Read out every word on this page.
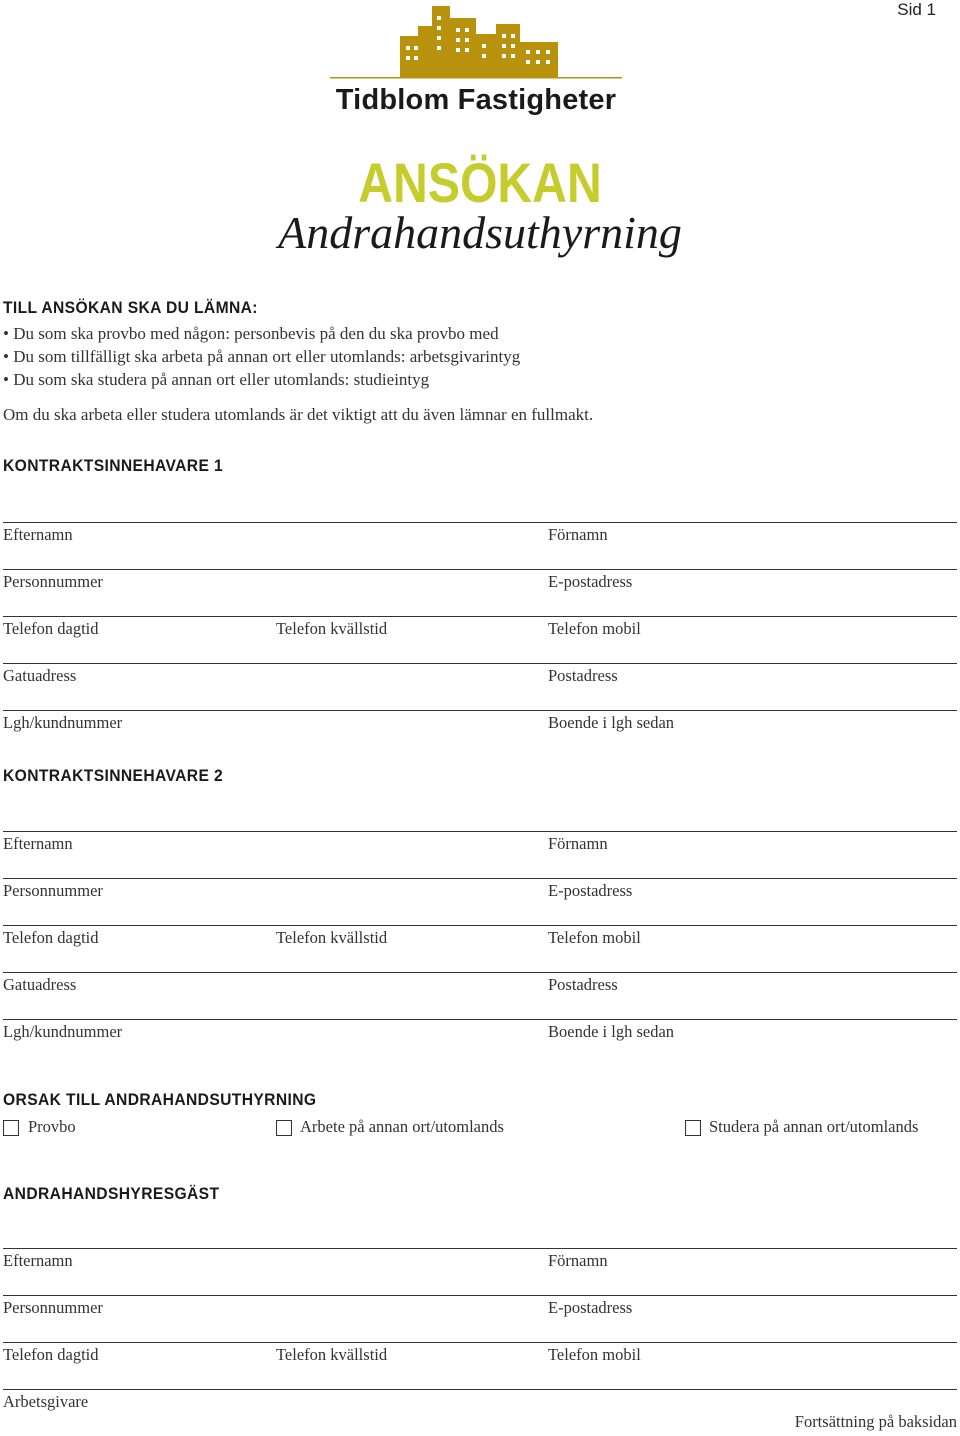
Sid 1
Tidblom Fastigheter
ANSÖKAN
Andrahandsuthyrning
TILL ANSÖKAN SKA DU LÄMNA:
• Du som ska provbo med någon: personbevis på den du ska provbo med
• Du som tillfälligt ska arbeta på annan ort eller utomlands: arbetsgivarintyg
• Du som ska studera på annan ort eller utomlands: studieintyg
Om du ska arbeta eller studera utomlands är det viktigt att du även lämnar en fullmakt.
KONTRAKTSINNEHAVARE 1
Efternamn	Förnamn
Personnummer	E-postadress
Telefon dagtid	Telefon kvällstid	Telefon mobil
Gatuadress	Postadress
Lgh/kundnummer	Boende i lgh sedan
KONTRAKTSINNEHAVARE 2
Efternamn	Förnamn
Personnummer	E-postadress
Telefon dagtid	Telefon kvällstid	Telefon mobil
Gatuadress	Postadress
Lgh/kundnummer	Boende i lgh sedan
ORSAK TILL ANDRAHANDSUTHYRNING
Provbo	Arbete på annan ort/utomlands	Studera på annan ort/utomlands
ANDRAHANDSHYRESGÄST
Efternamn	Förnamn
Personnummer	E-postadress
Telefon dagtid	Telefon kvällstid	Telefon mobil
Arbetsgivare
Fortsättning på baksidan
